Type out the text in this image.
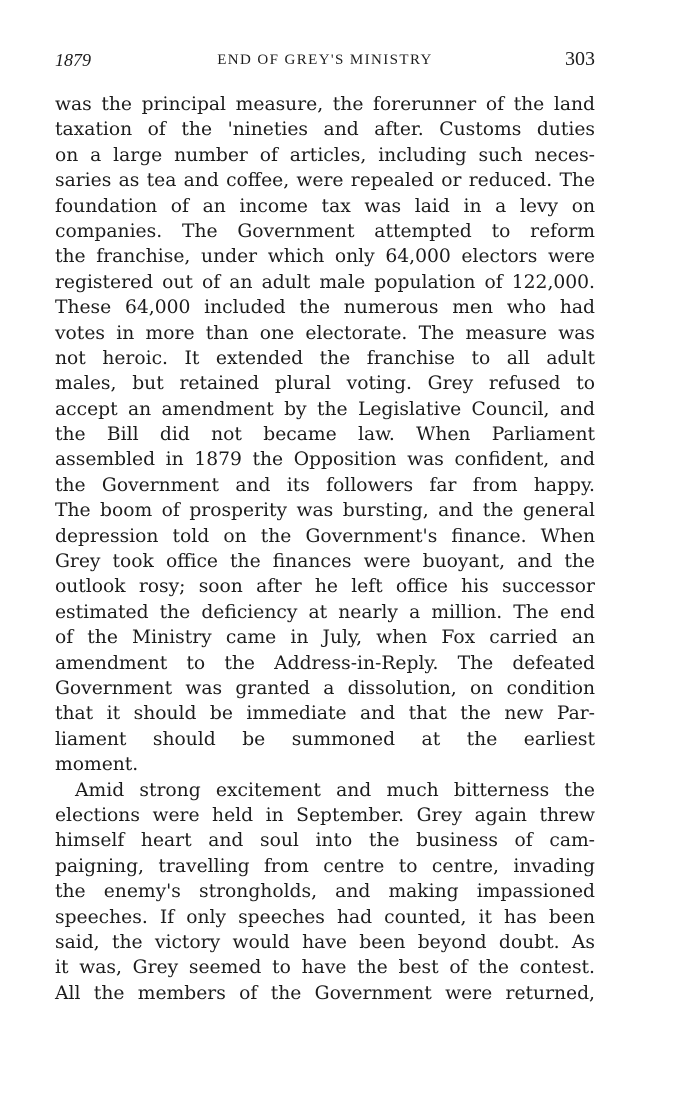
1879	END OF GREY'S MINISTRY	303
was the principal measure, the forerunner of the land
taxation of the 'nineties and after. Customs duties
on a large number of articles, including such neces-
saries as tea and coffee, were repealed or reduced. The
foundation of an income tax was laid in a levy on
companies. The Government attempted to reform
the franchise, under which only 64,000 electors were
registered out of an adult male population of 122,000.
These 64,000 included the numerous men who had
votes in more than one electorate. The measure was
not heroic. It extended the franchise to all adult
males, but retained plural voting. Grey refused to
accept an amendment by the Legislative Council, and
the Bill did not became law. When Parliament
assembled in 1879 the Opposition was confident, and
the Government and its followers far from happy.
The boom of prosperity was bursting, and the general
depression told on the Government's finance. When
Grey took office the finances were buoyant, and the
outlook rosy; soon after he left office his successor
estimated the deficiency at nearly a million. The end
of the Ministry came in July, when Fox carried an
amendment to the Address-in-Reply. The defeated
Government was granted a dissolution, on condition
that it should be immediate and that the new Par-
liament should be summoned at the earliest
moment.
Amid strong excitement and much bitterness the
elections were held in September. Grey again threw
himself heart and soul into the business of cam-
paigning, travelling from centre to centre, invading
the enemy's strongholds, and making impassioned
speeches. If only speeches had counted, it has been
said, the victory would have been beyond doubt. As
it was, Grey seemed to have the best of the contest.
All the members of the Government were returned,
